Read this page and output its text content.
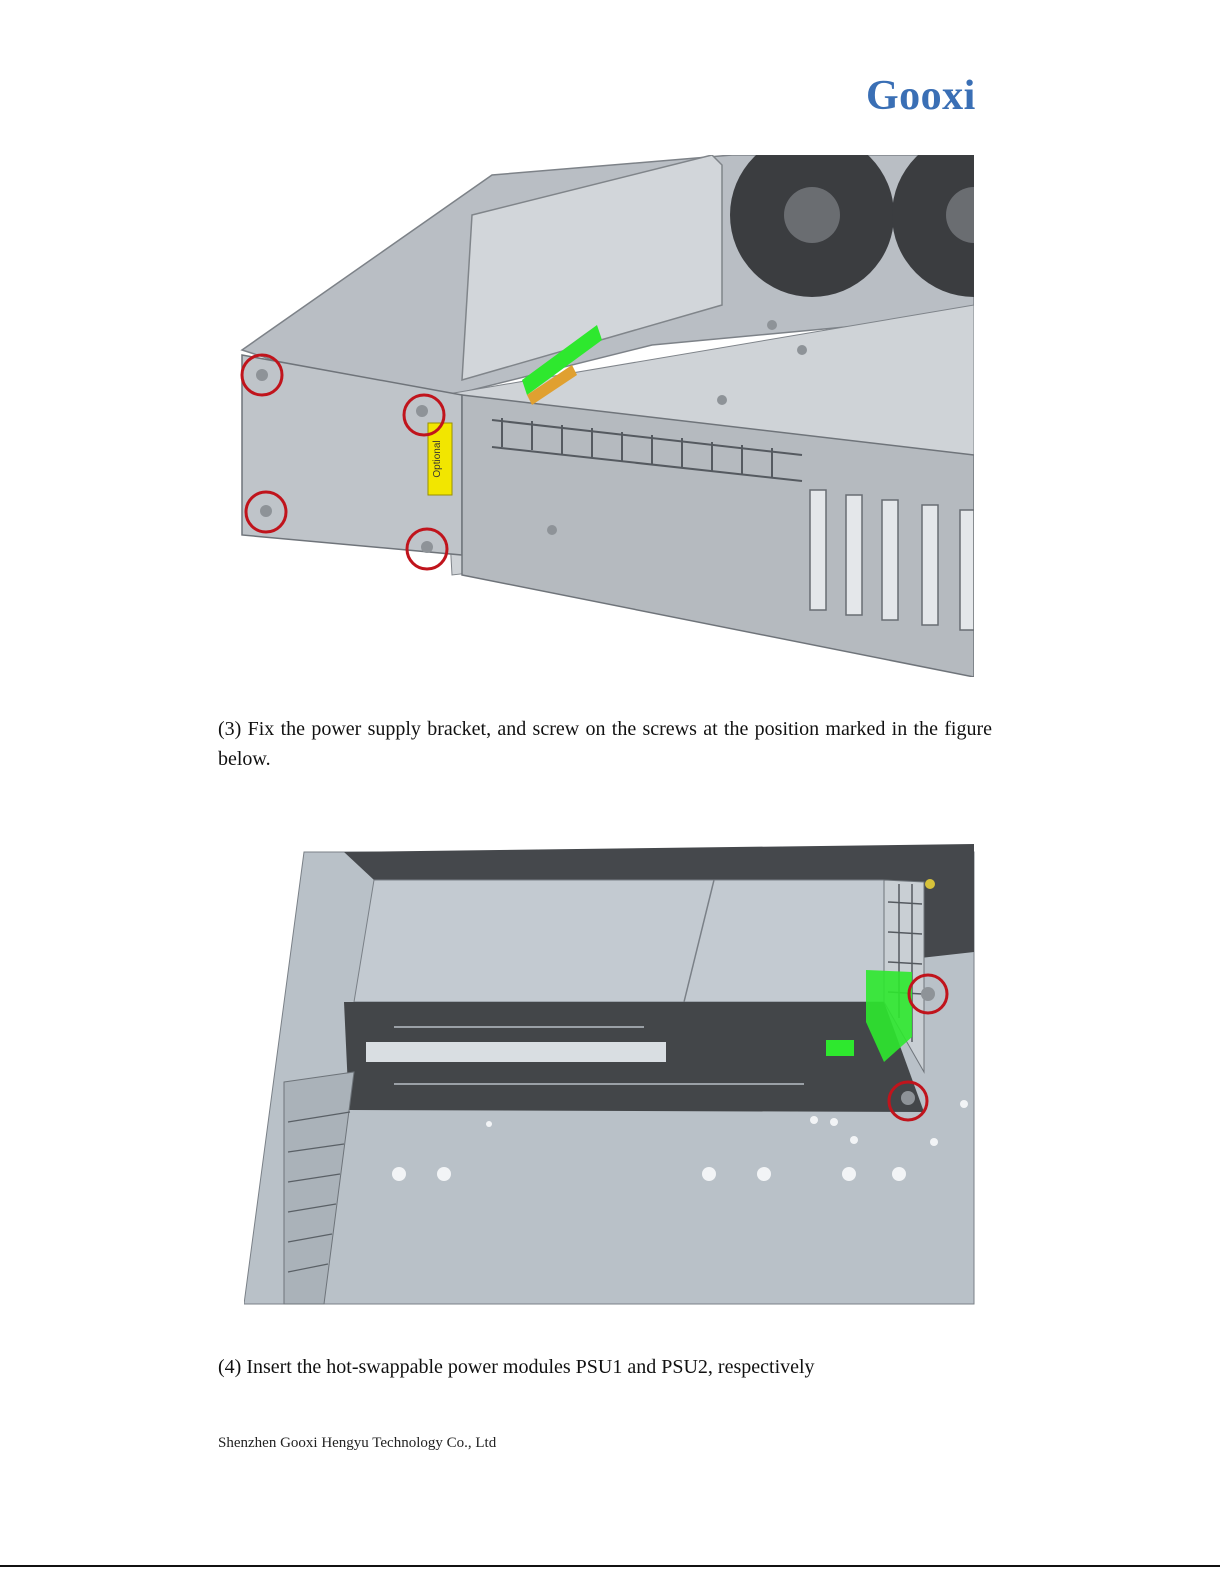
Gooxi
Optional
(3) Fix the power supply bracket, and screw on the screws at the position marked in the figure below.
(4) Insert the hot-swappable power modules PSU1 and PSU2, respectively
Shenzhen Gooxi Hengyu Technology Co., Ltd
